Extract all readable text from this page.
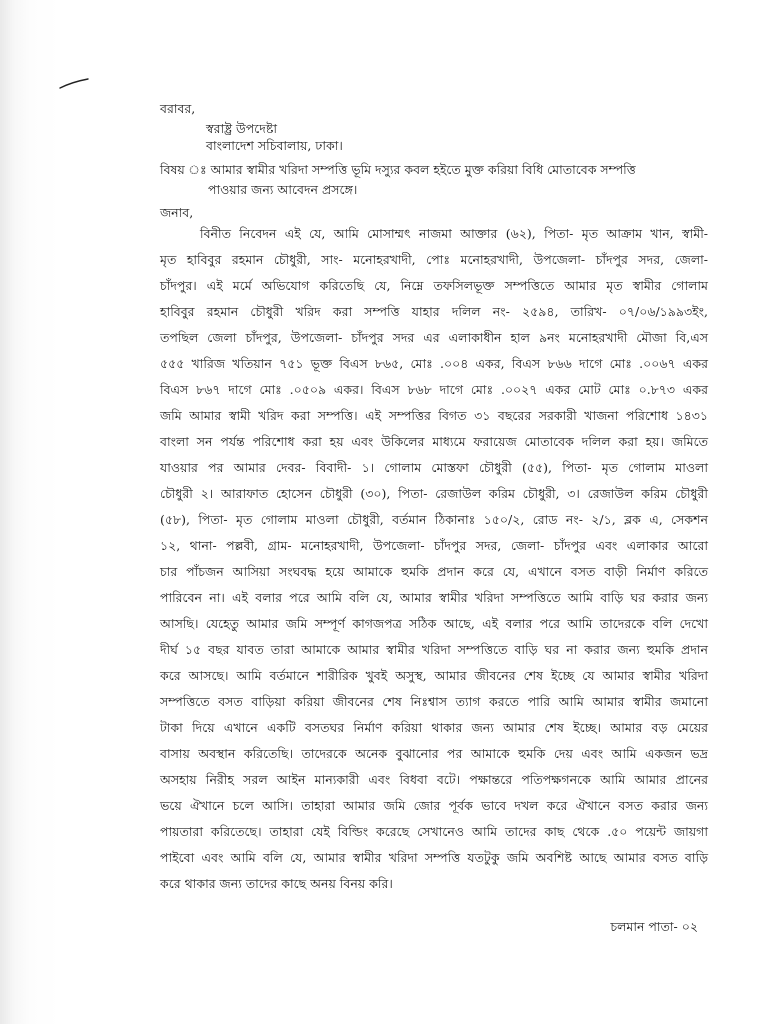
বরাবর,
স্বরাষ্ট্র উপদেষ্টা
বাংলাদেশ সচিবালায়, ঢাকা।
বিষয় ঃ আমার স্বামীর খরিদা সম্পত্তি ভূমি দস্যুর কবল হইতে মুক্ত করিয়া বিধি মোতাবেক সম্পত্তি
পাওয়ার জন্য আবেদন প্রসঙ্গে।
জনাব,
বিনীত নিবেদন এই যে, আমি মোসাম্মৎ নাজমা আক্তার (৬২), পিতা- মৃত আক্রাম খান, স্বামী-
মৃত হাবিবুর রহমান চৌধুরী, সাং- মনোহরখাদী, পোঃ মনোহরখাদী, উপজেলা- চাঁদপুর সদর, জেলা-
চাঁদপুর। এই মর্মে অভিযোগ করিতেছি যে, নিম্নে তফসিলভূক্ত সম্পত্তিতে আমার মৃত স্বামীর গোলাম
হাবিবুর রহমান চৌধুরী খরিদ করা সম্পত্তি যাহার দলিল নং- ২৫৯৪, তারিখ- ০৭/০৬/১৯৯৩ইং,
তপছিল জেলা চাঁদপুর, উপজেলা- চাঁদপুর সদর এর এলাকাধীন হাল ৯নং মনোহরখাদী মৌজা বি,এস
৫৫৫ খারিজ খতিয়ান ৭৫১ ভূক্ত বিএস ৮৬৫, মোঃ .০০৪ একর, বিএস ৮৬৬ দাগে মোঃ .০০৬৭ একর
বিএস ৮৬৭ দাগে মোঃ .০৫০৯ একর। বিএস ৮৬৮ দাগে মোঃ .০০২৭ একর মোট মোঃ ০.৮৭৩ একর
জমি আমার স্বামী খরিদ করা সম্পত্তি। এই সম্পত্তির বিগত ৩১ বছরের সরকারী খাজনা পরিশোধ ১৪৩১
বাংলা সন পর্যন্ত পরিশোধ করা হয় এবং উকিলের মাধ্যমে ফরায়েজ মোতাবেক দলিল করা হয়। জমিতে
যাওয়ার পর আমার দেবর- বিবাদী- ১। গোলাম মোস্তফা চৌধুরী (৫৫), পিতা- মৃত গোলাম মাওলা
চৌধুরী ২। আরাফাত হোসেন চৌধুরী (৩০), পিতা- রেজাউল করিম চৌধুরী, ৩। রেজাউল করিম চৌধুরী
(৫৮), পিতা- মৃত গোলাম মাওলা চৌধুরী, বর্তমান ঠিকানাঃ ১৫০/২, রোড নং- ২/১, ব্লক এ, সেকশন
১২, থানা- পল্লবী, গ্রাম- মনোহরখাদী, উপজেলা- চাঁদপুর সদর, জেলা- চাঁদপুর এবং এলাকার আরো
চার পাঁচজন আসিয়া সংঘবদ্ধ হয়ে আমাকে হুমকি প্রদান করে যে, এখানে বসত বাড়ী নির্মাণ করিতে
পারিবেন না। এই বলার পরে আমি বলি যে, আমার স্বামীর খরিদা সম্পত্তিতে আমি বাড়ি ঘর করার জন্য
আসছি। যেহেতু আমার জমি সম্পূর্ণ কাগজপত্র সঠিক আছে, এই বলার পরে আমি তাদেরকে বলি দেখো
দীর্ঘ ১৫ বছর যাবত তারা আমাকে আমার স্বামীর খরিদা সম্পত্তিতে বাড়ি ঘর না করার জন্য হুমকি প্রদান
করে আসছে। আমি বর্তমানে শারীরিক খুবই অসুস্থ, আমার জীবনের শেষ ইচ্ছে যে আমার স্বামীর খরিদা
সম্পত্তিতে বসত বাড়িয়া করিয়া জীবনের শেষ নিঃশ্বাস ত্যাগ করতে পারি আমি আমার স্বামীর জমানো
টাকা দিয়ে এখানে একটি বসতঘর নির্মাণ করিয়া থাকার জন্য আমার শেষ ইচ্ছে। আমার বড় মেয়ের
বাসায় অবস্থান করিতেছি। তাদেরকে অনেক বুঝানোর পর আমাকে হুমকি দেয় এবং আমি একজন ভদ্র
অসহায় নিরীহ সরল আইন মান্যকারী এবং বিধবা বটে। পক্ষান্তরে পতিপক্ষগনকে আমি আমার প্রানের
ভয়ে ঐখানে চলে আসি। তাহারা আমার জমি জোর পূর্বক ভাবে দখল করে ঐখানে বসত করার জন্য
পায়তারা করিতেছে। তাহারা যেই বিল্ডিং করেছে সেখানেও আমি তাদের কাছ থেকে .৫০ পয়েন্ট জায়গা
পাইবো এবং আমি বলি যে, আমার স্বামীর খরিদা সম্পত্তি যতটুকু জমি অবশিষ্ট আছে আমার বসত বাড়ি
করে থাকার জন্য তাদের কাছে অনয় বিনয় করি।
চলমান পাতা- ০২
